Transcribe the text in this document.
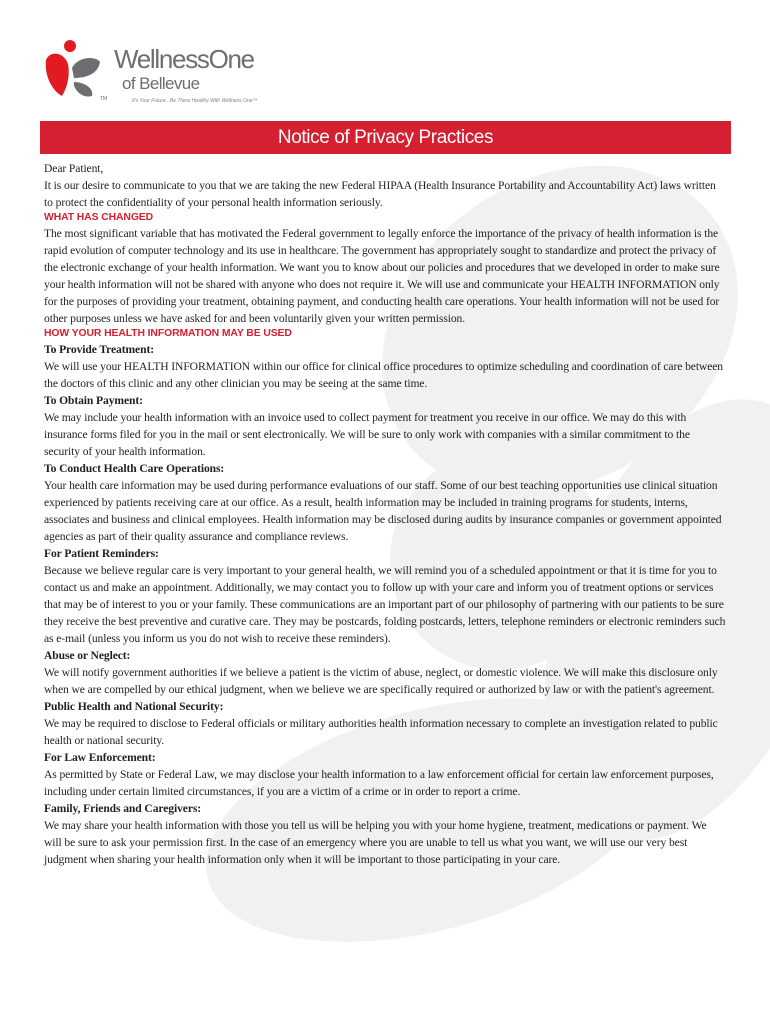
TM
WellnessOne
of Bellevue
It's Your Future...Be There Healthy With Wellness One™
Notice of Privacy Practices

Dear Patient,

It is our desire to communicate to you that we are taking the new Federal HIPAA (Health Insurance Portability and Accountability Act) laws written to protect the confidentiality of your personal health information seriously.

WHAT HAS CHANGED

The most significant variable that has motivated the Federal government to legally enforce the importance of the privacy of health information is the rapid evolution of computer technology and its use in healthcare. The government has appropriately sought to standardize and protect the privacy of the electronic exchange of your health information. We want you to know about our policies and procedures that we developed in order to make sure your health information will not be shared with anyone who does not require it. We will use and communicate your HEALTH INFORMATION only for the purposes of providing your treatment, obtaining payment, and conducting health care operations. Your health information will not be used for other purposes unless we have asked for and been voluntarily given your written permission.

HOW YOUR HEALTH INFORMATION MAY BE USED

To Provide Treatment:

We will use your HEALTH INFORMATION within our office for clinical office procedures to optimize scheduling and coordination of care between the doctors of this clinic and any other clinician you may be seeing at the same time.

To Obtain Payment:

We may include your health information with an invoice used to collect payment for treatment you receive in our office. We may do this with insurance forms filed for you in the mail or sent electronically. We will be sure to only work with companies with a similar commitment to the security of your health information.

To Conduct Health Care Operations:

Your health care information may be used during performance evaluations of our staff. Some of our best teaching opportunities use clinical situation experienced by patients receiving care at our office. As a result, health information may be included in training programs for students, interns, associates and business and clinical employees. Health information may be disclosed during audits by insurance companies or government appointed agencies as part of their quality assurance and compliance reviews.

For Patient Reminders:

Because we believe regular care is very important to your general health, we will remind you of a scheduled appointment or that it is time for you to contact us and make an appointment. Additionally, we may contact you to follow up with your care and inform you of treatment options or services that may be of interest to you or your family. These communications are an important part of our philosophy of partnering with our patients to be sure they receive the best preventive and curative care. They may be postcards, folding postcards, letters, telephone reminders or electronic reminders such as e-mail (unless you inform us you do not wish to receive these reminders).

Abuse or Neglect:

We will notify government authorities if we believe a patient is the victim of abuse, neglect, or domestic violence. We will make this disclosure only when we are compelled by our ethical judgment, when we believe we are specifically required or authorized by law or with the patient's agreement.

Public Health and National Security:

We may be required to disclose to Federal officials or military authorities health information necessary to complete an investigation related to public health or national security.

For Law Enforcement:

As permitted by State or Federal Law, we may disclose your health information to a law enforcement official for certain law enforcement purposes, including under certain limited circumstances, if you are a victim of a crime or in order to report a crime.

Family, Friends and Caregivers:

We may share your health information with those you tell us will be helping you with your home hygiene, treatment, medications or payment. We will be sure to ask your permission first. In the case of an emergency where you are unable to tell us what you want, we will use our very best judgment when sharing your health information only when it will be important to those participating in your care.
